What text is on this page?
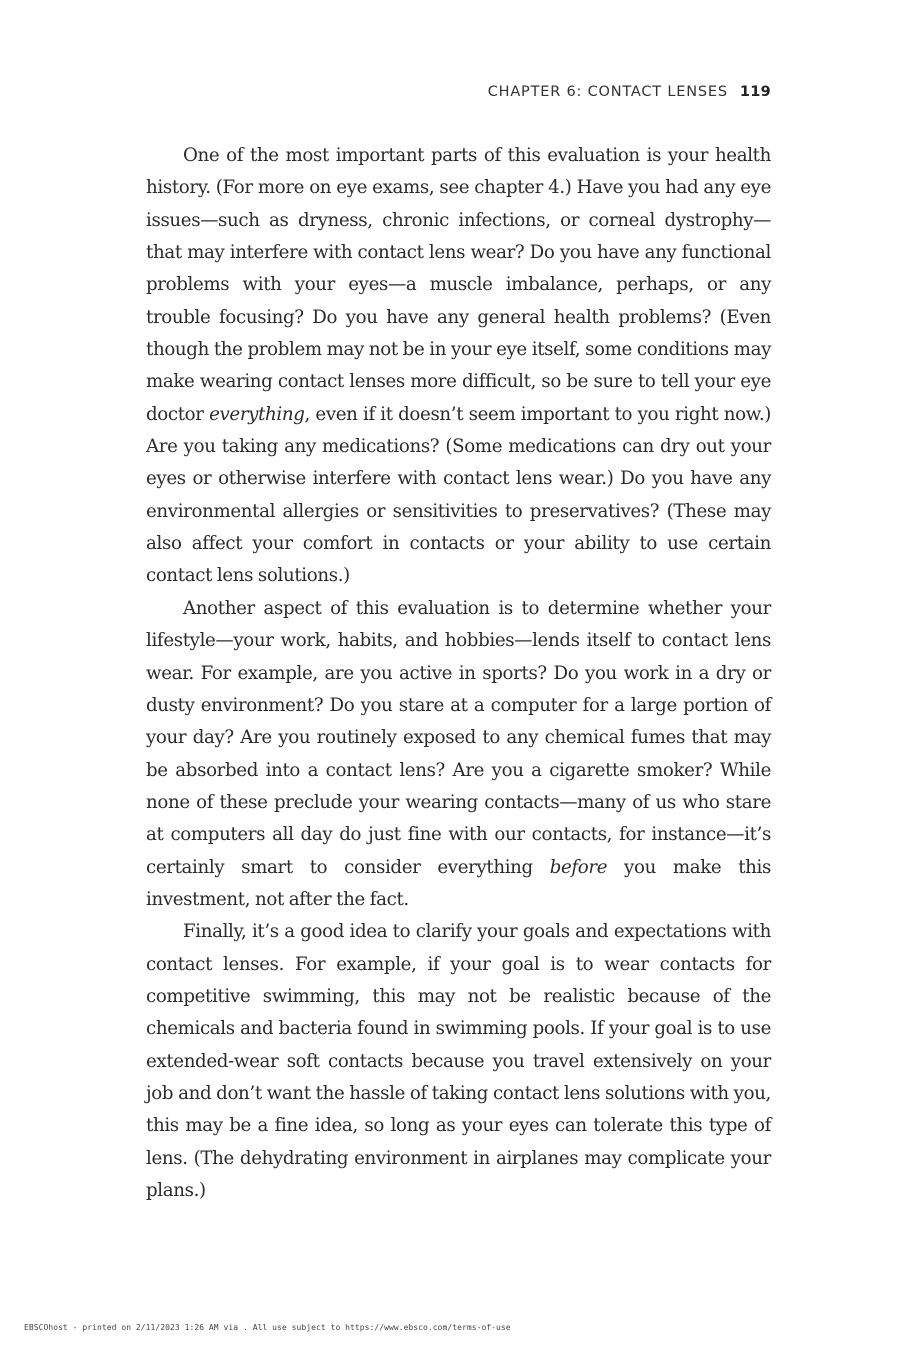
CHAPTER 6: CONTACT LENSES 119

One of the most important parts of this evaluation is your health history. (For more on eye exams, see chapter 4.) Have you had any eye issues—such as dryness, chronic infections, or corneal dystrophy—that may interfere with contact lens wear? Do you have any functional problems with your eyes—a muscle imbalance, perhaps, or any trouble focusing? Do you have any general health problems? (Even though the problem may not be in your eye itself, some conditions may make wearing contact lenses more difficult, so be sure to tell your eye doctor everything, even if it doesn’t seem important to you right now.) Are you taking any medications? (Some medications can dry out your eyes or otherwise interfere with contact lens wear.) Do you have any environmental allergies or sensitivities to preservatives? (These may also affect your comfort in contacts or your ability to use certain contact lens solutions.)

Another aspect of this evaluation is to determine whether your lifestyle—your work, habits, and hobbies—lends itself to contact lens wear. For example, are you active in sports? Do you work in a dry or dusty environment? Do you stare at a computer for a large portion of your day? Are you routinely exposed to any chemical fumes that may be absorbed into a contact lens? Are you a cigarette smoker? While none of these preclude your wearing contacts—many of us who stare at computers all day do just fine with our contacts, for instance—it’s certainly smart to consider everything before you make this investment, not after the fact.

Finally, it’s a good idea to clarify your goals and expectations with contact lenses. For example, if your goal is to wear contacts for competitive swimming, this may not be realistic because of the chemicals and bacteria found in swimming pools. If your goal is to use extended-wear soft contacts because you travel extensively on your job and don’t want the hassle of taking contact lens solutions with you, this may be a fine idea, so long as your eyes can tolerate this type of lens. (The dehydrating environment in airplanes may complicate your plans.)

EBSCOhost - printed on 2/11/2023 1:26 AM via . All use subject to https://www.ebsco.com/terms-of-use
